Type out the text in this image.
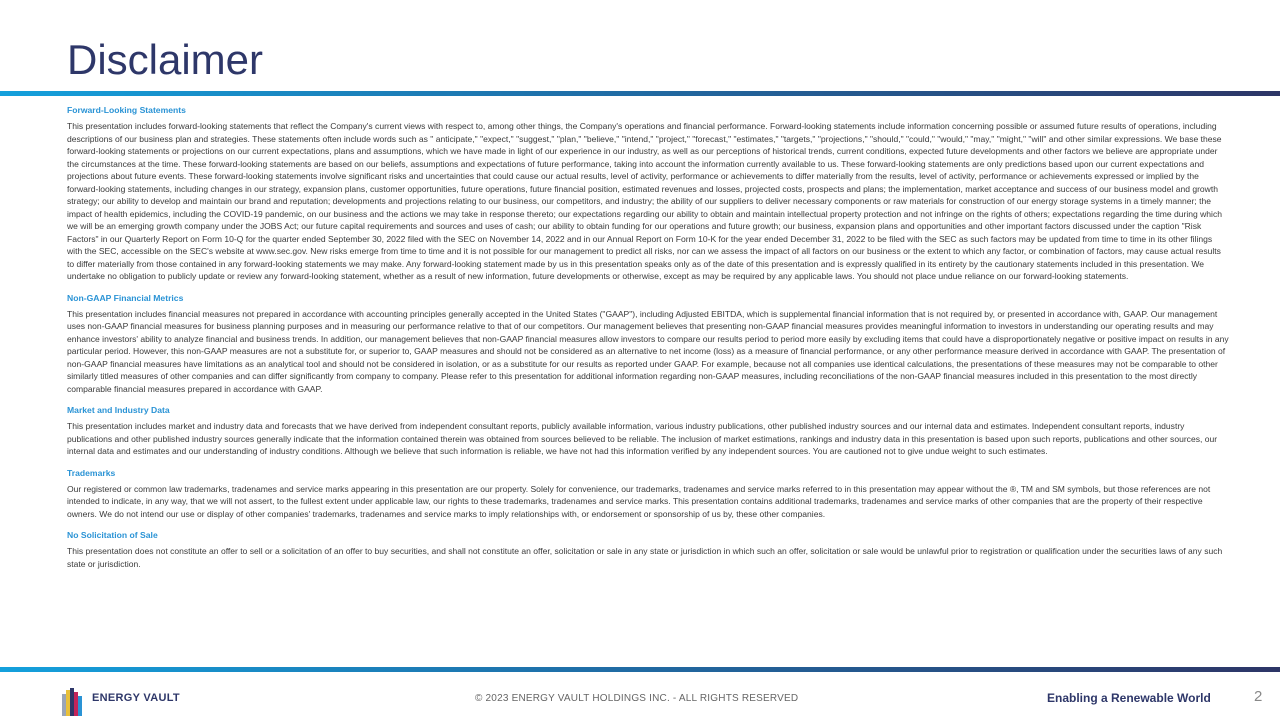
Disclaimer
Forward-Looking Statements

This presentation includes forward-looking statements that reflect the Company's current views with respect to, among other things, the Company's operations and financial performance. Forward-looking statements include information concerning possible or assumed future results of operations, including descriptions of our business plan and strategies. These statements often include words such as " anticipate," "expect," "suggest," "plan," "believe," "intend," "project," "forecast," "estimates," "targets," "projections," "should," "could," "would," "may," "might," "will" and other similar expressions. We base these forward-looking statements or projections on our current expectations, plans and assumptions, which we have made in light of our experience in our industry, as well as our perceptions of historical trends, current conditions, expected future developments and other factors we believe are appropriate under the circumstances at the time. These forward-looking statements are based on our beliefs, assumptions and expectations of future performance, taking into account the information currently available to us. These forward-looking statements are only predictions based upon our current expectations and projections about future events. These forward-looking statements involve significant risks and uncertainties that could cause our actual results, level of activity, performance or achievements to differ materially from the results, level of activity, performance or achievements expressed or implied by the forward-looking statements, including changes in our strategy, expansion plans, customer opportunities, future operations, future financial position, estimated revenues and losses, projected costs, prospects and plans; the implementation, market acceptance and success of our business model and growth strategy; our ability to develop and maintain our brand and reputation; developments and projections relating to our business, our competitors, and industry; the ability of our suppliers to deliver necessary components or raw materials for construction of our energy storage systems in a timely manner; the impact of health epidemics, including the COVID-19 pandemic, on our business and the actions we may take in response thereto; our expectations regarding our ability to obtain and maintain intellectual property protection and not infringe on the rights of others; expectations regarding the time during which we will be an emerging growth company under the JOBS Act; our future capital requirements and sources and uses of cash; our ability to obtain funding for our operations and future growth; our business, expansion plans and opportunities and other important factors discussed under the caption "Risk Factors" in our Quarterly Report on Form 10-Q for the quarter ended September 30, 2022 filed with the SEC on November 14, 2022 and in our Annual Report on Form 10-K for the year ended December 31, 2022 to be filed with the SEC as such factors may be updated from time to time in its other filings with the SEC, accessible on the SEC's website at www.sec.gov. New risks emerge from time to time and it is not possible for our management to predict all risks, nor can we assess the impact of all factors on our business or the extent to which any factor, or combination of factors, may cause actual results to differ materially from those contained in any forward-looking statements we may make. Any forward-looking statement made by us in this presentation speaks only as of the date of this presentation and is expressly qualified in its entirety by the cautionary statements included in this presentation. We undertake no obligation to publicly update or review any forward-looking statement, whether as a result of new information, future developments or otherwise, except as may be required by any applicable laws. You should not place undue reliance on our forward-looking statements.

Non-GAAP Financial Metrics

This presentation includes financial measures not prepared in accordance with accounting principles generally accepted in the United States ("GAAP"), including Adjusted EBITDA, which is supplemental financial information that is not required by, or presented in accordance with, GAAP. Our management uses non-GAAP financial measures for business planning purposes and in measuring our performance relative to that of our competitors. Our management believes that presenting non-GAAP financial measures provides meaningful information to investors in understanding our operating results and may enhance investors' ability to analyze financial and business trends. In addition, our management believes that non-GAAP financial measures allow investors to compare our results period to period more easily by excluding items that could have a disproportionately negative or positive impact on results in any particular period. However, this non-GAAP measures are not a substitute for, or superior to, GAAP measures and should not be considered as an alternative to net income (loss) as a measure of financial performance, or any other performance measure derived in accordance with GAAP. The presentation of non-GAAP financial measures have limitations as an analytical tool and should not be considered in isolation, or as a substitute for our results as reported under GAAP. For example, because not all companies use identical calculations, the presentations of these measures may not be comparable to other similarly titled measures of other companies and can differ significantly from company to company. Please refer to this presentation for additional information regarding non-GAAP measures, including reconciliations of the non-GAAP financial measures included in this presentation to the most directly comparable financial measures prepared in accordance with GAAP.

Market and Industry Data

This presentation includes market and industry data and forecasts that we have derived from independent consultant reports, publicly available information, various industry publications, other published industry sources and our internal data and estimates. Independent consultant reports, industry publications and other published industry sources generally indicate that the information contained therein was obtained from sources believed to be reliable. The inclusion of market estimations, rankings and industry data in this presentation is based upon such reports, publications and other sources, our internal data and estimates and our understanding of industry conditions. Although we believe that such information is reliable, we have not had this information verified by any independent sources. You are cautioned not to give undue weight to such estimates.

Trademarks

Our registered or common law trademarks, tradenames and service marks appearing in this presentation are our property. Solely for convenience, our trademarks, tradenames and service marks referred to in this presentation may appear without the ®, TM and SM symbols, but those references are not intended to indicate, in any way, that we will not assert, to the fullest extent under applicable law, our rights to these trademarks, tradenames and service marks. This presentation contains additional trademarks, tradenames and service marks of other companies that are the property of their respective owners. We do not intend our use or display of other companies' trademarks, tradenames and service marks to imply relationships with, or endorsement or sponsorship of us by, these other companies.

No Solicitation of Sale

This presentation does not constitute an offer to sell or a solicitation of an offer to buy securities, and shall not constitute an offer, solicitation or sale in any state or jurisdiction in which such an offer, solicitation or sale would be unlawful prior to registration or qualification under the securities laws of any such state or jurisdiction.

ENERGY VAULT	© 2023 ENERGY VAULT HOLDINGS INC. - ALL RIGHTS RESERVED	Enabling a Renewable World	2
